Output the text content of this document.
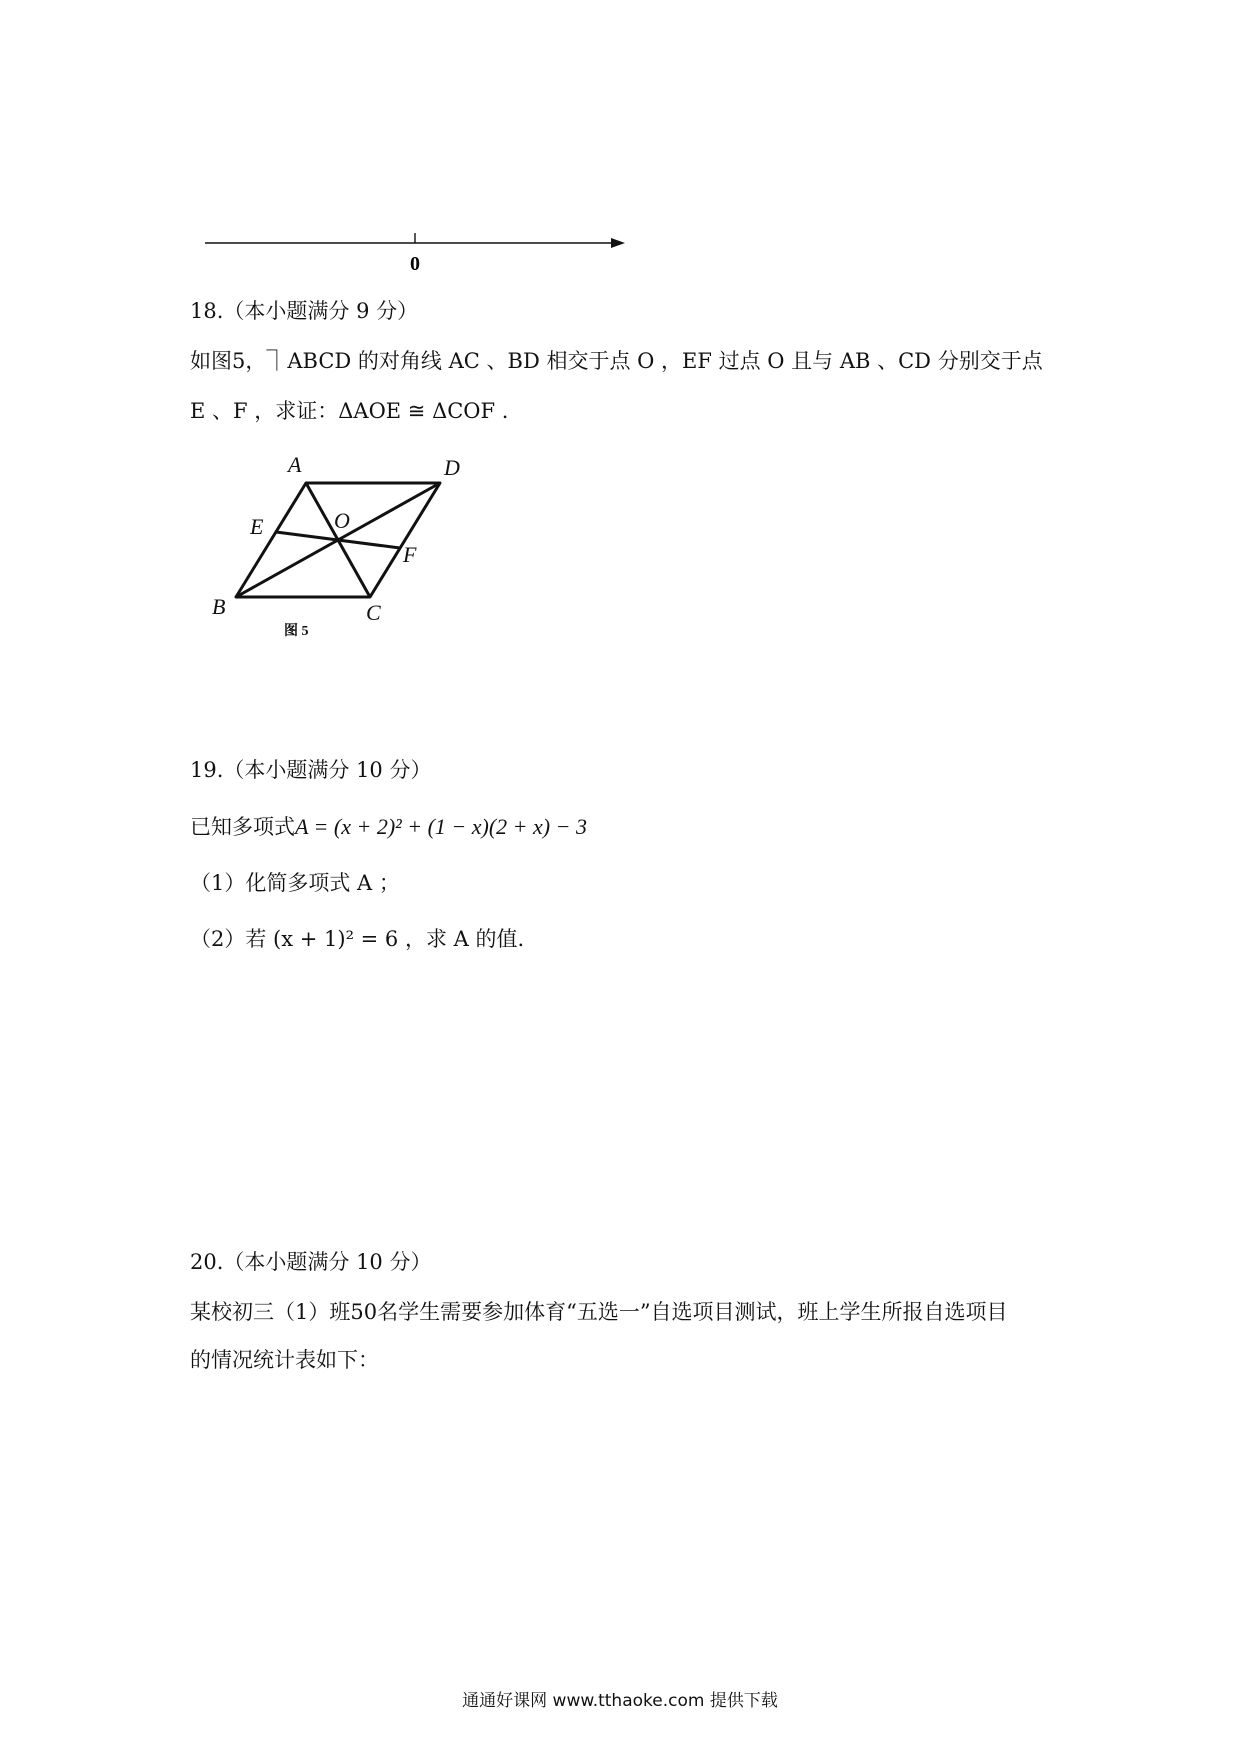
0
18.（本小题满分 9 分）
如图5，⏋ABCD 的对角线 AC 、BD 相交于点 O ，EF 过点 O 且与 AB 、CD 分别交于点
E 、F ，求证：ΔAOE ≅ ΔCOF .
A	D
E	O
F
B	C
图 5
19.（本小题满分 10 分）
已知多项式A = (x + 2)² + (1 − x)(2 + x) − 3
（1）化简多项式 A ；
（2）若 (x + 1)² = 6 ，求 A 的值.
20.（本小题满分 10 分）
某校初三（1）班50名学生需要参加体育“五选一”自选项目测试，班上学生所报自选项目
的情况统计表如下：
通通好课网 www.tthaoke.com 提供下载
